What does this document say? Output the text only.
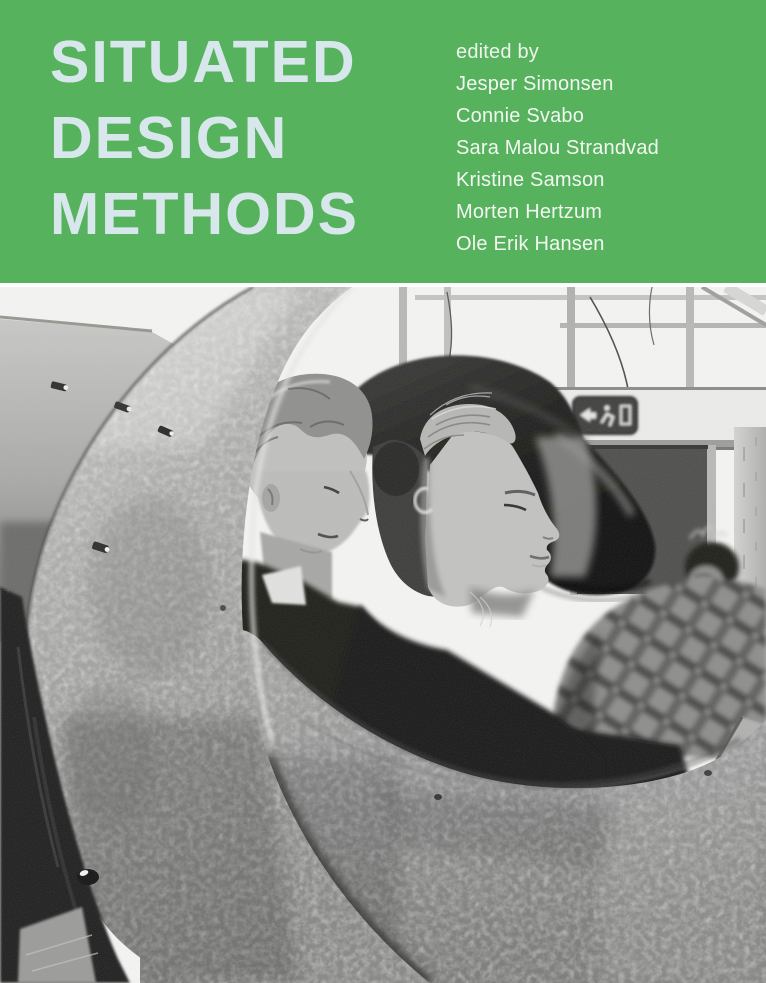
SITUATED
DESIGN
METHODS
edited by
Jesper Simonsen
Connie Svabo
Sara Malou Strandvad
Kristine Samson
Morten Hertzum
Ole Erik Hansen
